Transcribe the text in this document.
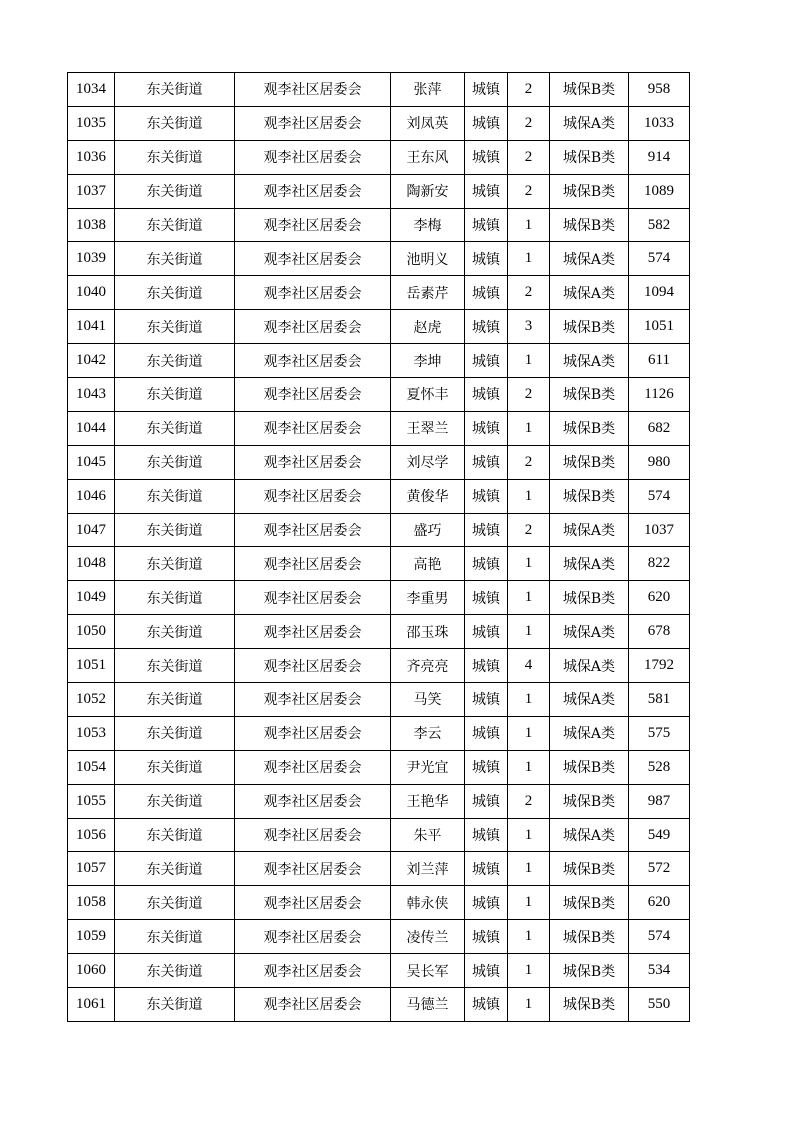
1034	东关街道	观李社区居委会	张萍	城镇	2	城保B类	958
1035	东关街道	观李社区居委会	刘凤英	城镇	2	城保A类	1033
1036	东关街道	观李社区居委会	王东风	城镇	2	城保B类	914
1037	东关街道	观李社区居委会	陶新安	城镇	2	城保B类	1089
1038	东关街道	观李社区居委会	李梅	城镇	1	城保B类	582
1039	东关街道	观李社区居委会	池明义	城镇	1	城保A类	574
1040	东关街道	观李社区居委会	岳素芹	城镇	2	城保A类	1094
1041	东关街道	观李社区居委会	赵虎	城镇	3	城保B类	1051
1042	东关街道	观李社区居委会	李坤	城镇	1	城保A类	611
1043	东关街道	观李社区居委会	夏怀丰	城镇	2	城保B类	1126
1044	东关街道	观李社区居委会	王翠兰	城镇	1	城保B类	682
1045	东关街道	观李社区居委会	刘尽学	城镇	2	城保B类	980
1046	东关街道	观李社区居委会	黄俊华	城镇	1	城保B类	574
1047	东关街道	观李社区居委会	盛巧	城镇	2	城保A类	1037
1048	东关街道	观李社区居委会	高艳	城镇	1	城保A类	822
1049	东关街道	观李社区居委会	李重男	城镇	1	城保B类	620
1050	东关街道	观李社区居委会	邵玉珠	城镇	1	城保A类	678
1051	东关街道	观李社区居委会	齐亮亮	城镇	4	城保A类	1792
1052	东关街道	观李社区居委会	马笑	城镇	1	城保A类	581
1053	东关街道	观李社区居委会	李云	城镇	1	城保A类	575
1054	东关街道	观李社区居委会	尹光宜	城镇	1	城保B类	528
1055	东关街道	观李社区居委会	王艳华	城镇	2	城保B类	987
1056	东关街道	观李社区居委会	朱平	城镇	1	城保A类	549
1057	东关街道	观李社区居委会	刘兰萍	城镇	1	城保B类	572
1058	东关街道	观李社区居委会	韩永侠	城镇	1	城保B类	620
1059	东关街道	观李社区居委会	凌传兰	城镇	1	城保B类	574
1060	东关街道	观李社区居委会	吴长军	城镇	1	城保B类	534
1061	东关街道	观李社区居委会	马德兰	城镇	1	城保B类	550
